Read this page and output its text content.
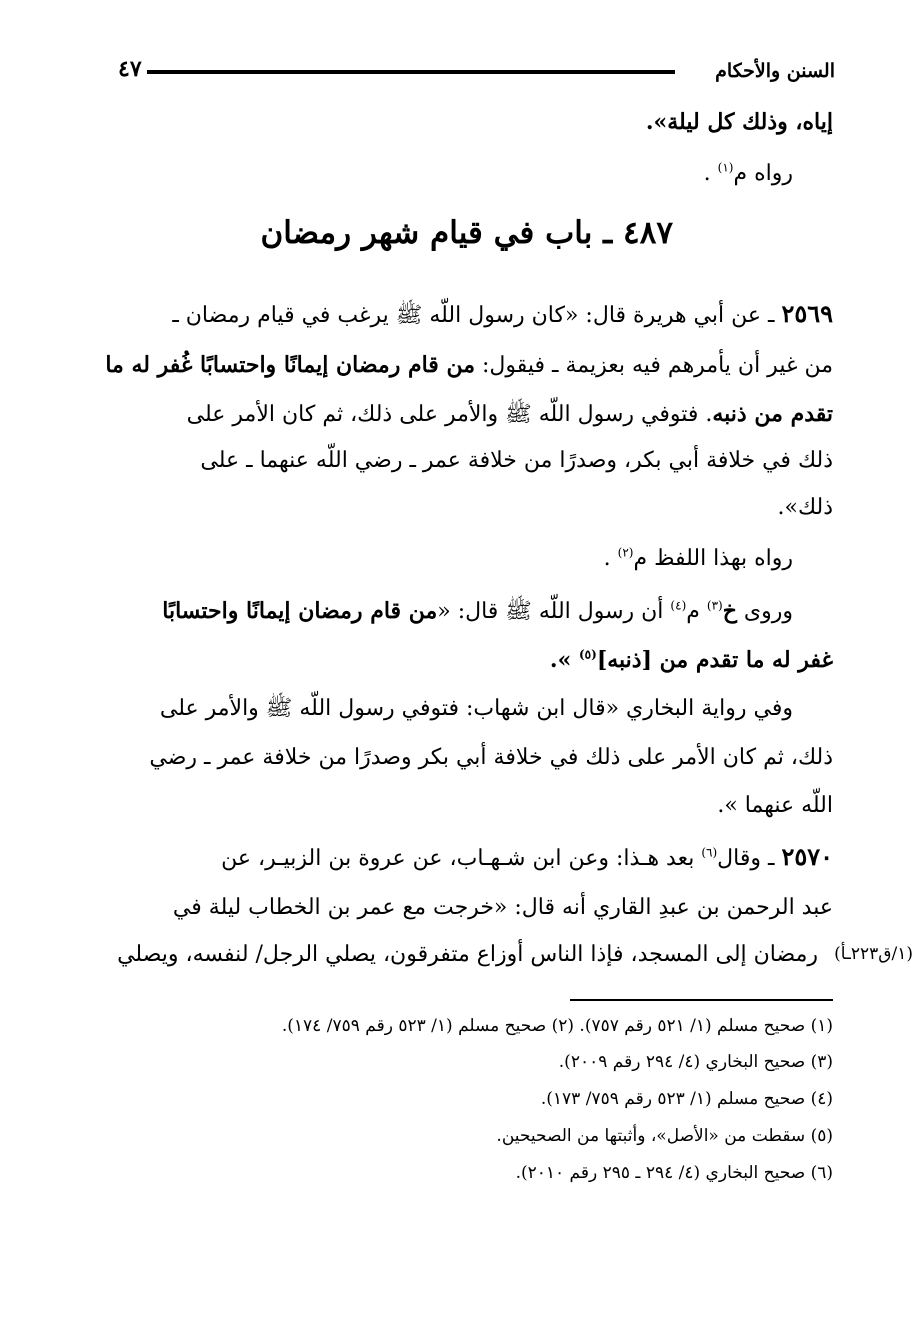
السنن والأحكام
٤٧
إياه، وذلك كل ليلة».
رواه م$^{(١)}$ .
٤٨٧ ـ باب في قيام شهر رمضان
٢٥٦٩ ـ عن أبي هريرة قال: «كان رسول اللّه ﷺ يرغب في قيام رمضان ـ
من غير أن يأمرهم فيه بعزيمة ـ فيقول: من قام رمضان إيمانًا واحتسابًا غُفر له ما
تقدم من ذنبه. فتوفي رسول اللّه ﷺ والأمر على ذلك، ثم كان الأمر على
ذلك في خلافة أبي بكر، وصدرًا من خلافة عمر ـ رضي اللّه عنهما ـ على
ذلك».
رواه بهذا اللفظ م$^{(٢)}$ .
وروى خ$^{(٣)}$ م$^{(٤)}$ أن رسول اللّه ﷺ قال: «من قام رمضان إيمانًا واحتسابًا
غفر له ما تقدم من [ذنبه]$^{(٥)}$ ».
وفي رواية البخاري «قال ابن شهاب: فتوفي رسول اللّه ﷺ والأمر على
ذلك، ثم كان الأمر على ذلك في خلافة أبي بكر وصدرًا من خلافة عمر ـ رضي
اللّه عنهما ».
٢٥٧٠ ـ وقال$^{(٦)}$ بعد هـذا: وعن ابن شـهـاب، عن عروة بن الزبيـر، عن
عبد الرحمن بن عبدِ القاري أنه قال: «خرجت مع عمر بن الخطاب ليلة في
رمضان إلى المسجد، فإذا الناس أوزاع متفرقون، يصلي الرجل/ لنفسه، ويصلي (١/ق٢٢٣ـأ)
(١) صحيح مسلم (١/ ٥٢١ رقم ٧٥٧). (٢) صحيح مسلم (١/ ٥٢٣ رقم ٧٥٩/ ١٧٤).
(٣) صحيح البخاري (٤/ ٢٩٤ رقم ٢٠٠٩).
(٤) صحيح مسلم (١/ ٥٢٣ رقم ٧٥٩/ ١٧٣).
(٥) سقطت من «الأصل»، وأثبتها من الصحيحين.
(٦) صحيح البخاري (٤/ ٢٩٤ ـ ٢٩٥ رقم ٢٠١٠).
